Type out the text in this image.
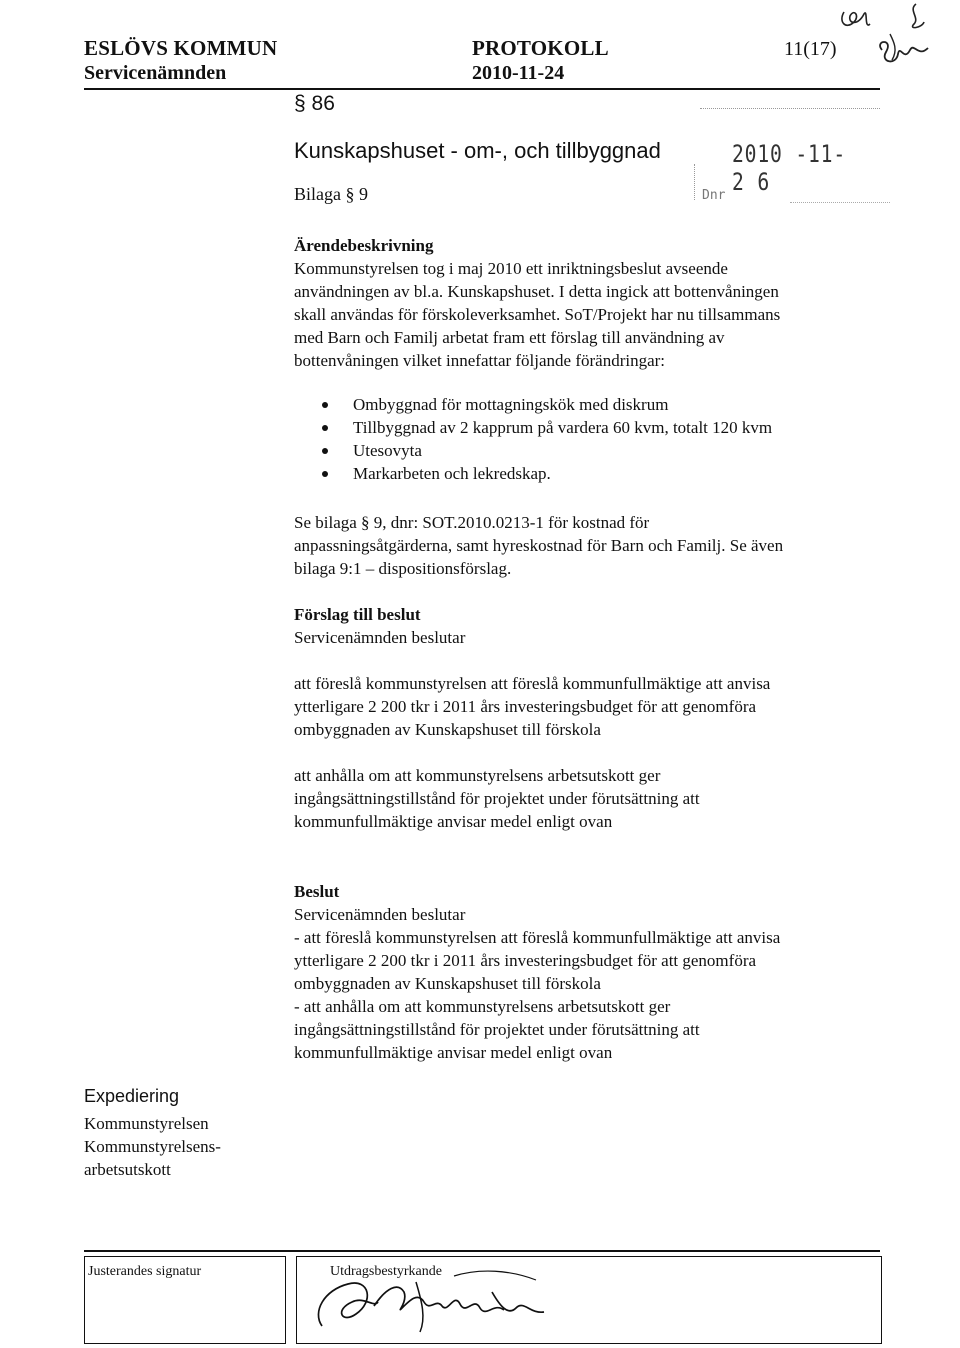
ESLÖVS KOMMUN
Servicenämnden
PROTOKOLL
2010-11-24
11(17)
§ 86
Kunskapshuset - om-, och tillbyggnad
Bilaga § 9
2010 -11- 2 6
Dnr
Ärendebeskrivning
Kommunstyrelsen tog i maj 2010 ett inriktningsbeslut avseende
användningen av bl.a. Kunskapshuset. I detta ingick att bottenvåningen
skall användas för förskoleverksamhet. SoT/Projekt har nu tillsammans
med Barn och Familj arbetat fram ett förslag till användning av
bottenvåningen vilket innefattar följande förändringar:
Ombyggnad för mottagningskök med diskrum
Tillbyggnad av 2 kapprum på vardera 60 kvm, totalt 120 kvm
Utesovyta
Markarbeten och lekredskap.
Se bilaga § 9, dnr: SOT.2010.0213-1 för kostnad för
anpassningsåtgärderna, samt hyreskostnad för Barn och Familj. Se även
bilaga 9:1 – dispositionsförslag.
Förslag till beslut
Servicenämnden beslutar
att föreslå kommunstyrelsen att föreslå kommunfullmäktige att anvisa
ytterligare 2 200 tkr i 2011 års investeringsbudget för att genomföra
ombyggnaden av Kunskapshuset till förskola
att anhålla om att kommunstyrelsens arbetsutskott ger
ingångsättningstillstånd för projektet under förutsättning att
kommunfullmäktige anvisar medel enligt ovan
Beslut
Servicenämnden beslutar
- att föreslå kommunstyrelsen att föreslå kommunfullmäktige att anvisa
ytterligare 2 200 tkr i 2011 års investeringsbudget för att genomföra
ombyggnaden av Kunskapshuset till förskola
- att anhålla om att kommunstyrelsens arbetsutskott ger
ingångsättningstillstånd för projektet under förutsättning att
kommunfullmäktige anvisar medel enligt ovan
Expediering
Kommunstyrelsen
Kommunstyrelsens-
arbetsutskott
Justerandes signatur	Utdragsbestyrkande
